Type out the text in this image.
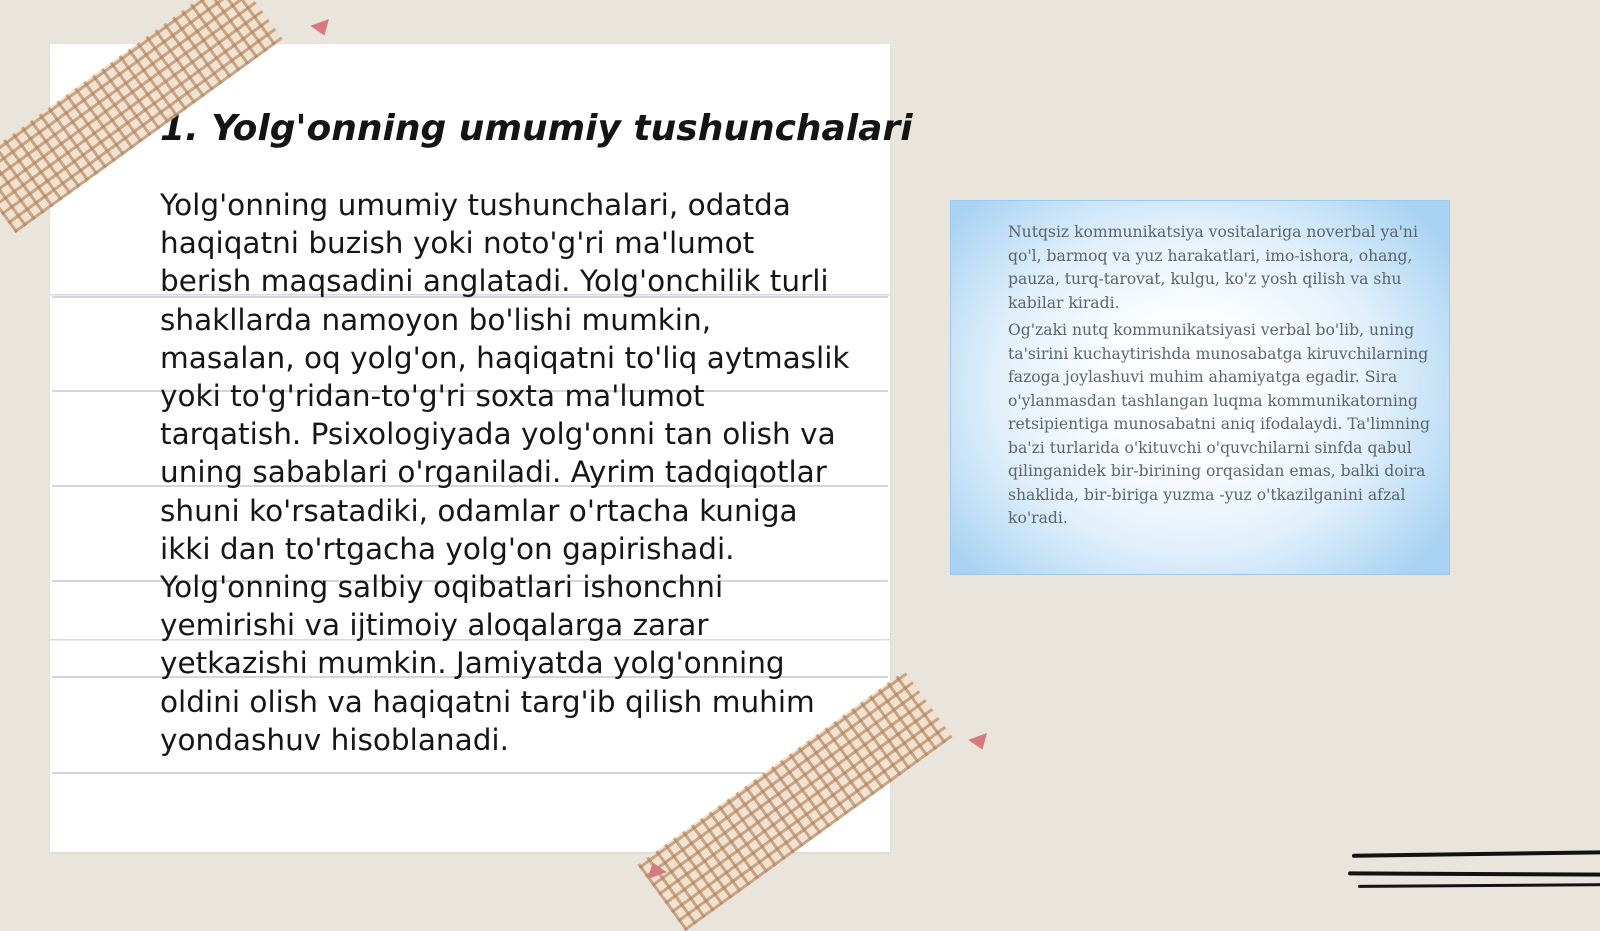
1. Yolg'onning umumiy tushunchalari

Yolg'onning umumiy tushunchalari, odatda haqiqatni buzish yoki noto'g'ri ma'lumot berish maqsadini anglatadi. Yolg'onchilik turli shakllarda namoyon bo'lishi mumkin, masalan, oq yolg'on, haqiqatni to'liq aytmaslik yoki to'g'ridan-to'g'ri soxta ma'lumot tarqatish. Psixologiyada yolg'onni tan olish va uning sabablari o'rganiladi. Ayrim tadqiqotlar shuni ko'rsatadiki, odamlar o'rtacha kuniga ikki dan to'rtgacha yolg'on gapirishadi. Yolg'onning salbiy oqibatlari ishonchni yemirishi va ijtimoiy aloqalarga zarar yetkazishi mumkin. Jamiyatda yolg'onning oldini olish va haqiqatni targ'ib qilish muhim yondashuv hisoblanadi.

Nutqsiz kommunikatsiya vositalariga noverbal ya'ni qo'l, barmoq va yuz harakatlari, imo-ishora, ohang, pauza, turq-tarovat, kulgu, ko'z yosh qilish va shu kabilar kiradi.

Og'zaki nutq kommunikatsiyasi verbal bo'lib, uning ta'sirini kuchaytirishda munosabatga kiruvchilarning fazoga joylashuvi muhim ahamiyatga egadir. Sira o'ylanmasdan tashlangan luqma kommunikatorning retsipientiga munosabatni aniq ifodalaydi. Ta'limning ba'zi turlarida o'kituvchi o'quvchilarni sinfda qabul qilinganidek bir-birining orqasidan emas, balki doira shaklida, bir-biriga yuzma -yuz o'tkazilganini afzal ko'radi.
